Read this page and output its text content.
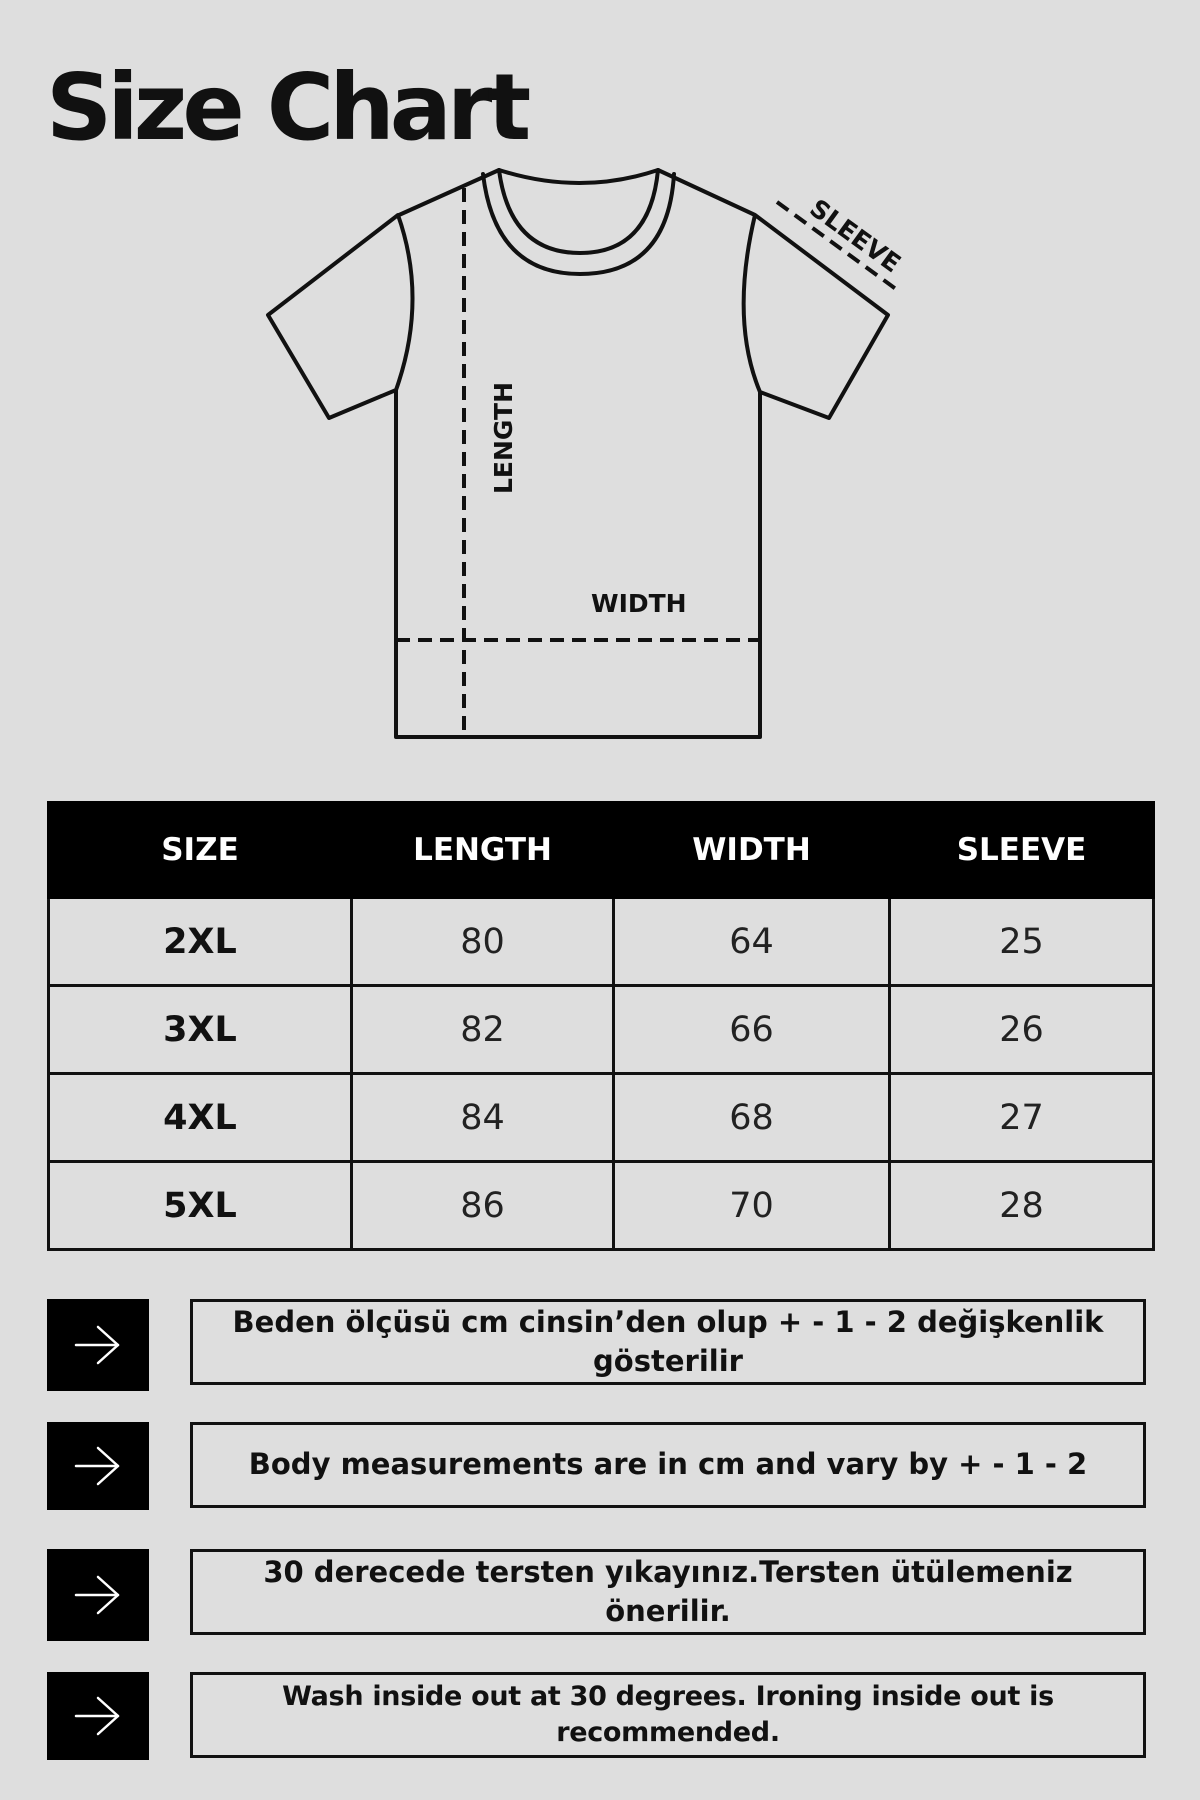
Size Chart
SLEEVE
LENGTH
WIDTH
SIZE	LENGTH	WIDTH	SLEEVE
2XL	80	64	25
3XL	82	66	26
4XL	84	68	27
5XL	86	70	28
Beden ölçüsü cm cinsin’den olup + - 1 - 2 değişkenlik gösterilir
Body measurements are in cm and vary by + - 1 - 2
30 derecede tersten yıkayınız.Tersten ütülemeniz önerilir.
Wash inside out at 30 degrees. Ironing inside out is recommended.
